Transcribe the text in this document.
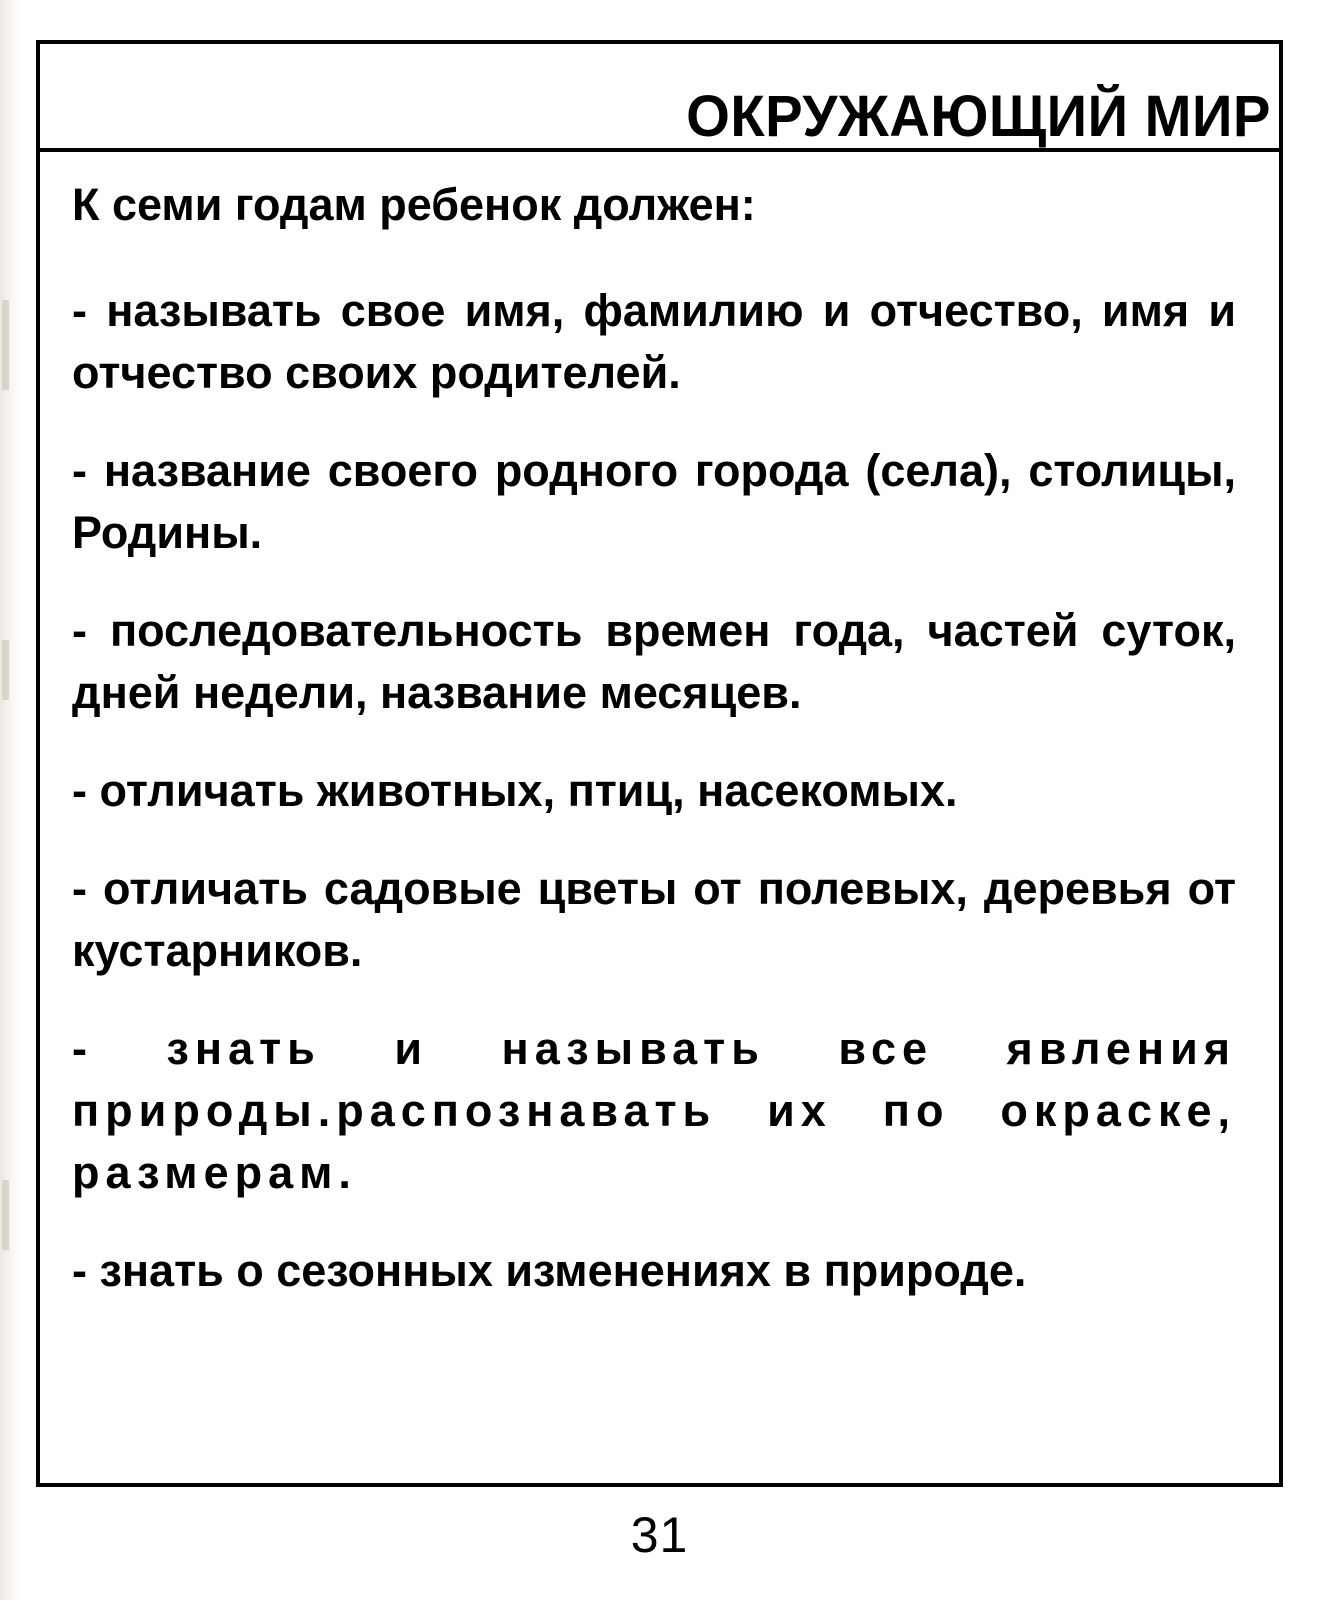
ОКРУЖАЮЩИЙ МИР

К семи годам ребенок должен:

- называть свое имя, фамилию и отчество, имя и отчество своих родителей.

- название своего родного города (села), столицы, Родины.

- последовательность времен года, частей суток, дней недели, название месяцев.

- отличать животных, птиц, насекомых.

- отличать садовые цветы от полевых, деревья от кустарников.

- знать и называть все явления природы.распознавать их по окраске, размерам.

- знать о сезонных изменениях в природе.

31
